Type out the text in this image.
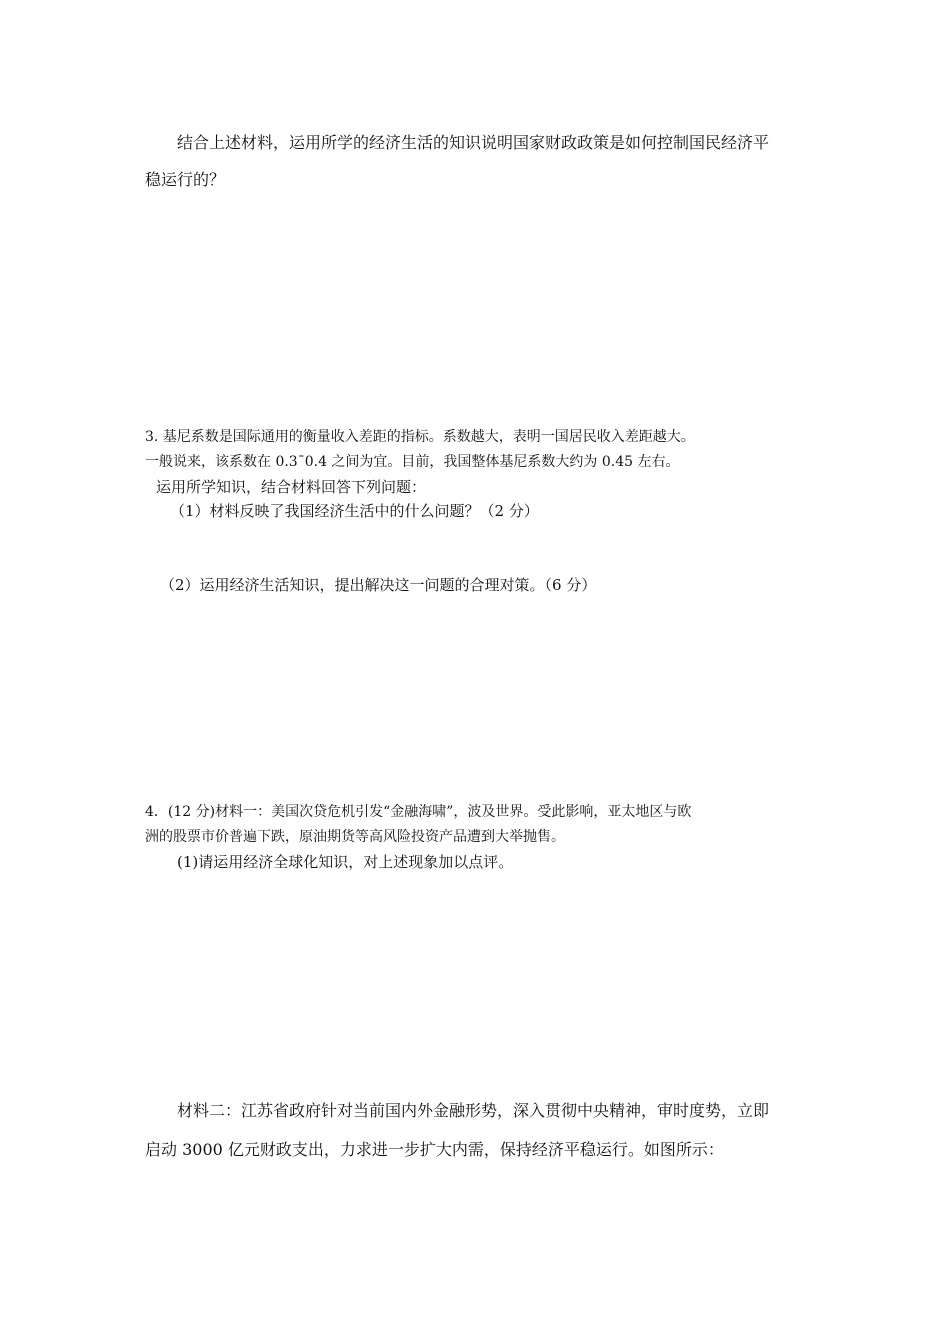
结合上述材料，运用所学的经济生活的知识说明国家财政政策是如何控制国民经济平

稳运行的？

3. 基尼系数是国际通用的衡量收入差距的指标。系数越大，表明一国居民收入差距越大。

一般说来，该系数在 0.3¯0.4 之间为宜。目前，我国整体基尼系数大约为 0.45 左右。

运用所学知识，结合材料回答下列问题：

（1）材料反映了我国经济生活中的什么问题？（2 分）

（2）运用经济生活知识，提出解决这一问题的合理对策。（6 分）

4．(12 分)材料一：美国次贷危机引发“金融海啸”，波及世界。受此影响，亚太地区与欧

洲的股票市价普遍下跌，原油期货等高风险投资产品遭到大举抛售。

(1)请运用经济全球化知识，对上述现象加以点评。

材料二：江苏省政府针对当前国内外金融形势，深入贯彻中央精神，审时度势，立即

启动 3000 亿元财政支出，力求进一步扩大内需，保持经济平稳运行。如图所示：
